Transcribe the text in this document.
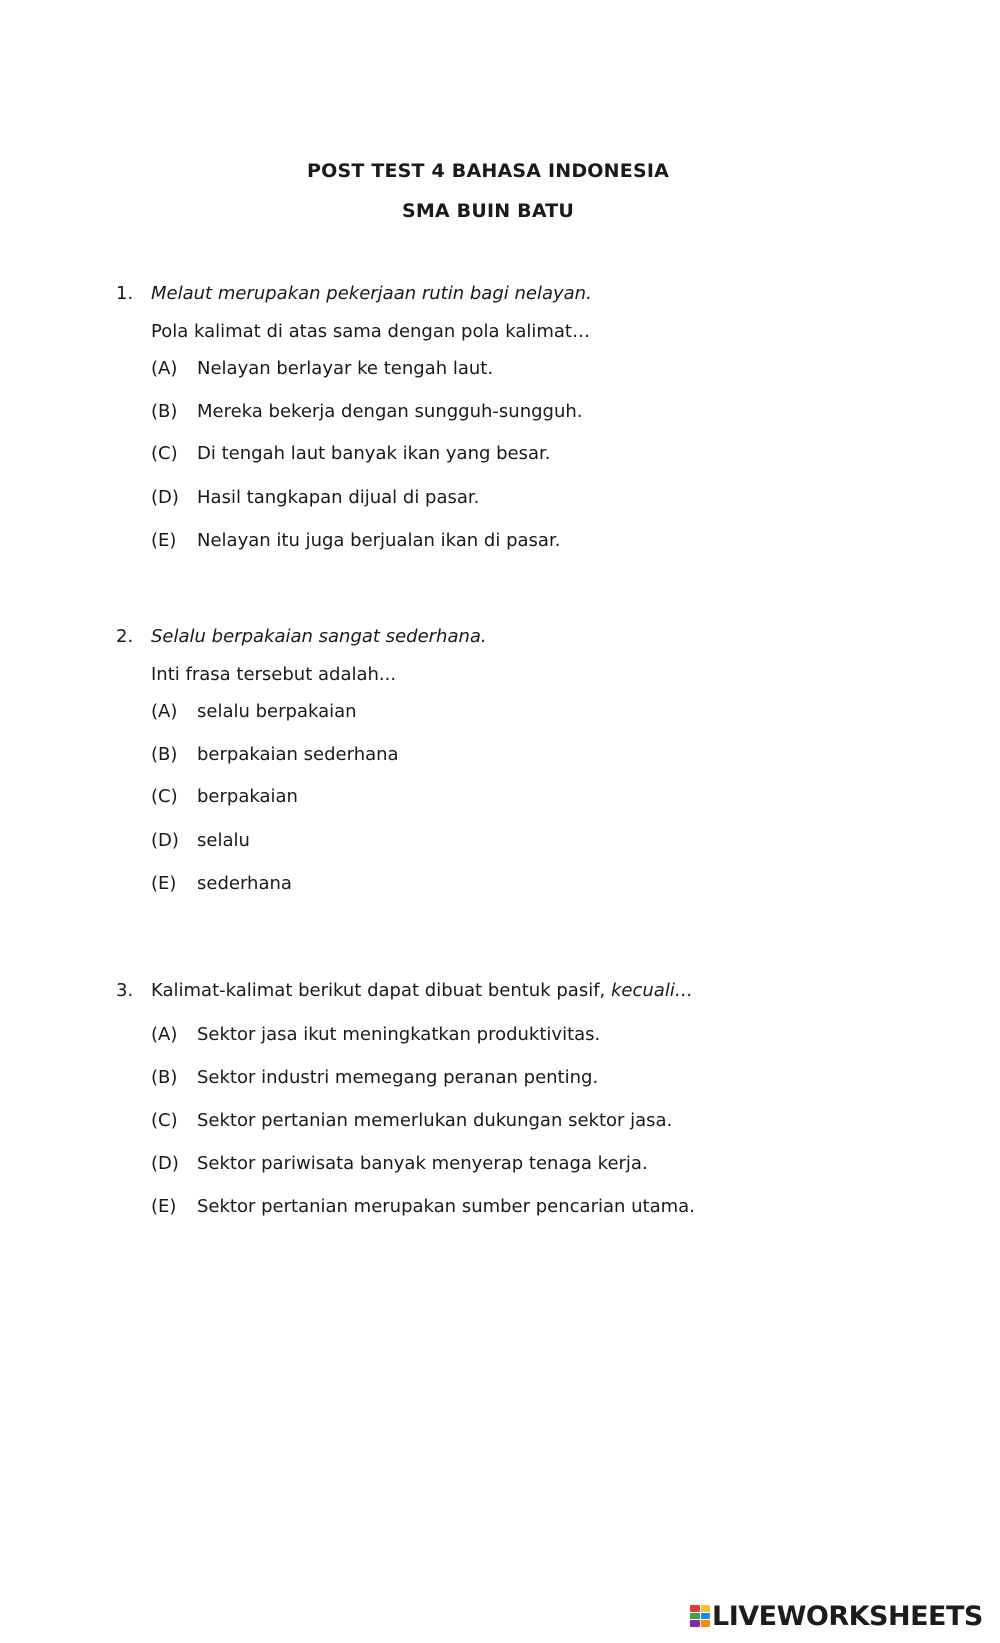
POST TEST 4 BAHASA INDONESIA
SMA BUIN BATU
1. Melaut merupakan pekerjaan rutin bagi nelayan.
Pola kalimat di atas sama dengan pola kalimat…
(A) Nelayan berlayar ke tengah laut.
(B) Mereka bekerja dengan sungguh-sungguh.
(C) Di tengah laut banyak ikan yang besar.
(D) Hasil tangkapan dijual di pasar.
(E) Nelayan itu juga berjualan ikan di pasar.
2. Selalu berpakaian sangat sederhana.
Inti frasa tersebut adalah...
(A) selalu berpakaian
(B) berpakaian sederhana
(C) berpakaian
(D) selalu
(E) sederhana
3. Kalimat-kalimat berikut dapat dibuat bentuk pasif, kecuali…
(A) Sektor jasa ikut meningkatkan produktivitas.
(B) Sektor industri memegang peranan penting.
(C) Sektor pertanian memerlukan dukungan sektor jasa.
(D) Sektor pariwisata banyak menyerap tenaga kerja.
(E) Sektor pertanian merupakan sumber pencarian utama.
LIVEWORKSHEETS
